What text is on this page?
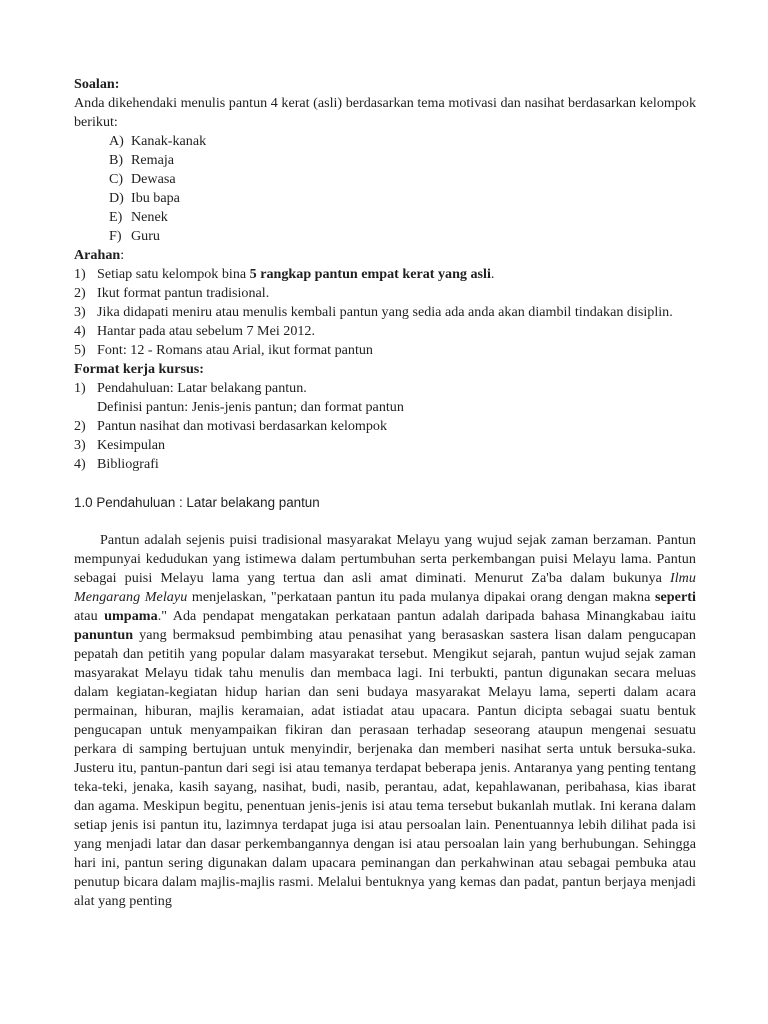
Soalan:

Anda dikehendaki menulis pantun 4 kerat (asli) berdasarkan tema motivasi dan nasihat berdasarkan kelompok berikut:

A) Kanak-kanak
B) Remaja
C) Dewasa
D) Ibu bapa
E) Nenek
F) Guru

Arahan:

1) Setiap satu kelompok bina 5 rangkap pantun empat kerat yang asli.
2) Ikut format pantun tradisional.
3) Jika didapati meniru atau menulis kembali pantun yang sedia ada anda akan diambil tindakan disiplin.
4) Hantar pada atau sebelum 7 Mei 2012.
5) Font: 12 - Romans atau Arial, ikut format pantun

Format kerja kursus:

1) Pendahuluan: Latar belakang pantun.
Definisi pantun: Jenis-jenis pantun; dan format pantun
2) Pantun nasihat dan motivasi berdasarkan kelompok
3) Kesimpulan
4) Bibliografi

1.0 Pendahuluan : Latar belakang pantun

Pantun adalah sejenis puisi tradisional masyarakat Melayu yang wujud sejak zaman berzaman. Pantun mempunyai kedudukan yang istimewa dalam pertumbuhan serta perkembangan puisi Melayu lama. Pantun sebagai puisi Melayu lama yang tertua dan asli amat diminati. Menurut Za'ba dalam bukunya Ilmu Mengarang Melayu menjelaskan, "perkataan pantun itu pada mulanya dipakai orang dengan makna seperti atau umpama." Ada pendapat mengatakan perkataan pantun adalah daripada bahasa Minangkabau iaitu panuntun yang bermaksud pembimbing atau penasihat yang berasaskan sastera lisan dalam pengucapan pepatah dan petitih yang popular dalam masyarakat tersebut. Mengikut sejarah, pantun wujud sejak zaman masyarakat Melayu tidak tahu menulis dan membaca lagi. Ini terbukti, pantun digunakan secara meluas dalam kegiatan-kegiatan hidup harian dan seni budaya masyarakat Melayu lama, seperti dalam acara permainan, hiburan, majlis keramaian, adat istiadat atau upacara. Pantun dicipta sebagai suatu bentuk pengucapan untuk menyampaikan fikiran dan perasaan terhadap seseorang ataupun mengenai sesuatu perkara di samping bertujuan untuk menyindir, berjenaka dan memberi nasihat serta untuk bersuka-suka. Justeru itu, pantun-pantun dari segi isi atau temanya terdapat beberapa jenis. Antaranya yang penting tentang teka-teki, jenaka, kasih sayang, nasihat, budi, nasib, perantau, adat, kepahlawanan, peribahasa, kias ibarat dan agama. Meskipun begitu, penentuan jenis-jenis isi atau tema tersebut bukanlah mutlak. Ini kerana dalam setiap jenis isi pantun itu, lazimnya terdapat juga isi atau persoalan lain. Penentuannya lebih dilihat pada isi yang menjadi latar dan dasar perkembangannya dengan isi atau persoalan lain yang berhubungan. Sehingga hari ini, pantun sering digunakan dalam upacara peminangan dan perkahwinan atau sebagai pembuka atau penutup bicara dalam majlis-majlis rasmi. Melalui bentuknya yang kemas dan padat, pantun berjaya menjadi alat yang penting
